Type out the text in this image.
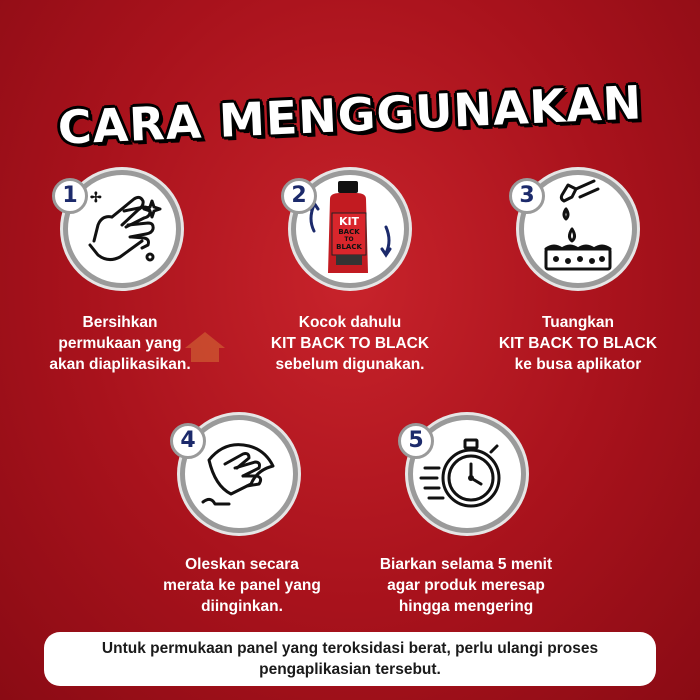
CARA MENGGUNAKAN
1 ✢
Bersihkan
permukaan yang
akan diaplikasikan.
KIT
BACK
TO
BLACK
2
Kocok dahulu
KIT BACK TO BLACK
sebelum digunakan.
3
Tuangkan
KIT BACK TO BLACK
ke busa aplikator
4
Oleskan secara
merata ke panel yang
diinginkan.
5
Biarkan selama 5 menit
agar produk meresap
hingga mengering
Untuk permukaan panel yang teroksidasi berat, perlu ulangi proses
pengaplikasian tersebut.
